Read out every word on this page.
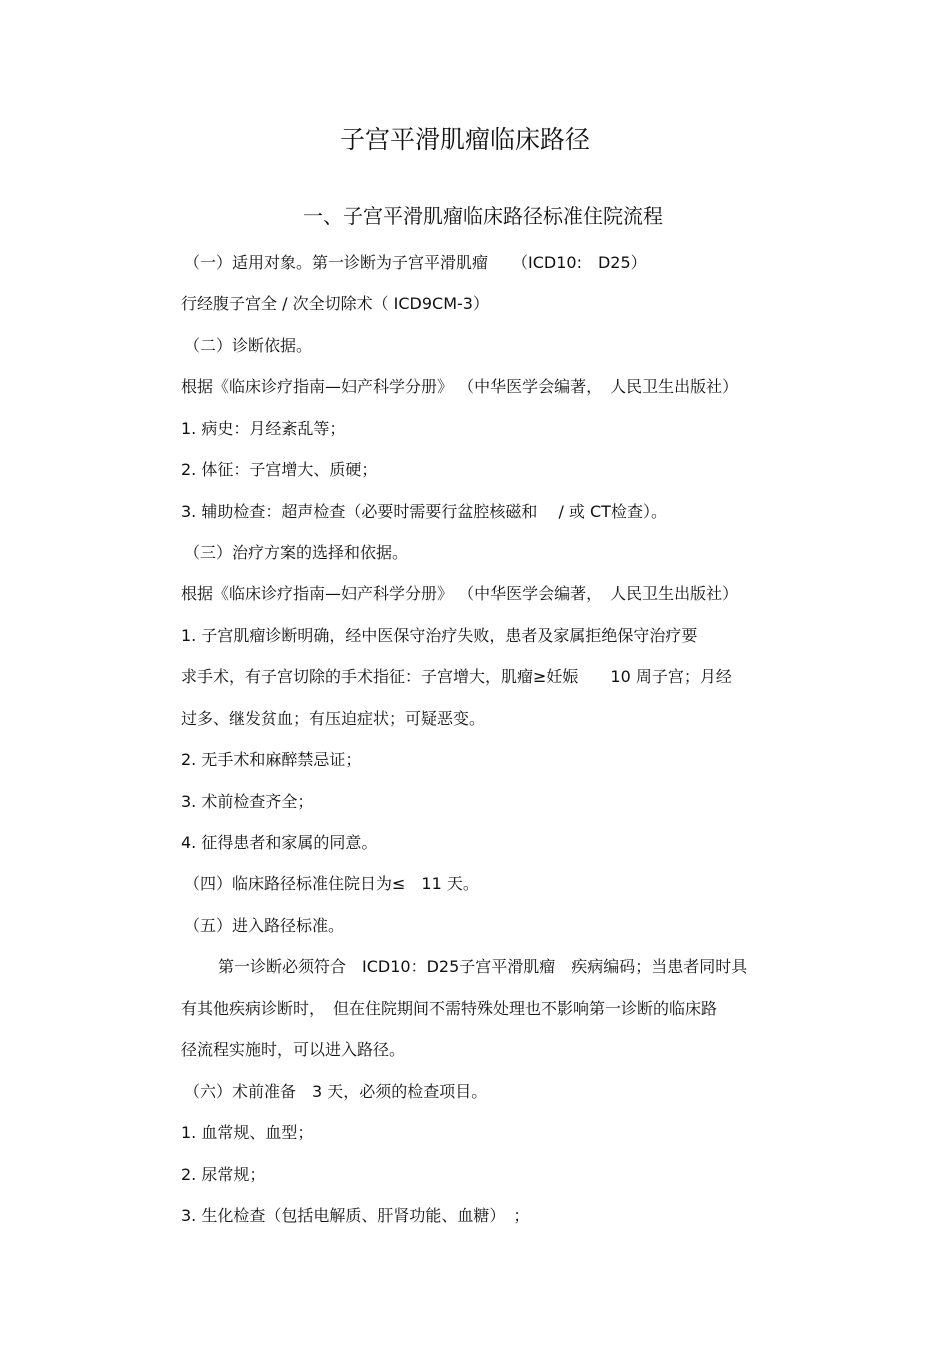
子宫平滑肌瘤临床路径
一、子宫平滑肌瘤临床路径标准住院流程

（一）适用对象。第一诊断为子宫平滑肌瘤　　（ICD10:　D25）

行经腹子宫全 / 次全切除术（ ICD9CM-3）

（二）诊断依据。

根据《临床诊疗指南—妇产科学分册》 （中华医学会编著，　人民卫生出版社）

1. 病史：月经紊乱等；

2. 体征：子宫增大、质硬；

3. 辅助检查：超声检查（必要时需要行盆腔核磁和　 / 或 CT检查）。

（三）治疗方案的选择和依据。

根据《临床诊疗指南—妇产科学分册》 （中华医学会编著，　人民卫生出版社）

1. 子宫肌瘤诊断明确，经中医保守治疗失败，患者及家属拒绝保守治疗要

求手术，有子宫切除的手术指征：子宫增大，肌瘤≥妊娠　　10 周子宫；月经

过多、继发贫血；有压迫症状；可疑恶变。

2. 无手术和麻醉禁忌证；

3. 术前检查齐全；

4. 征得患者和家属的同意。

（四）临床路径标准住院日为≤　11 天。

（五）进入路径标准。

第一诊断必须符合　ICD10：D25子宫平滑肌瘤　疾病编码；当患者同时具

有其他疾病诊断时，　但在住院期间不需特殊处理也不影响第一诊断的临床路

径流程实施时，可以进入路径。

（六）术前准备　3 天，必须的检查项目。

1. 血常规、血型；

2. 尿常规；

3. 生化检查（包括电解质、肝肾功能、血糖）　；
